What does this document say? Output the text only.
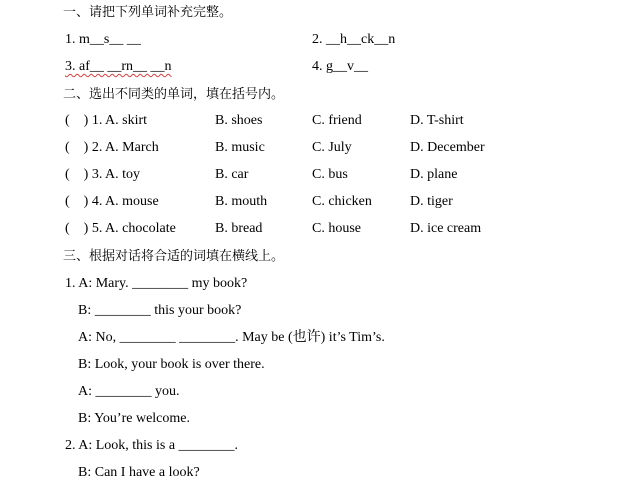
一、请把下列单词补充完整。
1. m__s__ __	2. __h__ck__n
3. af__ __rn__ __n	4. g__v__
二、选出不同类的单词，填在括号内。
(    ) 1. A. skirt	B. shoes	C. friend	D. T-shirt
(    ) 2. A. March	B. music	C. July	D. December
(    ) 3. A. toy	B. car	C. bus	D. plane
(    ) 4. A. mouse	B. mouth	C. chicken	D. tiger
(    ) 5. A. chocolate	B. bread	C. house	D. ice cream
三、根据对话将合适的词填在横线上。
1. A: Mary. ________ my book?
B: ________ this your book?
A: No, ________ ________. May be (也许) it’s Tim’s.
B: Look, your book is over there.
A: ________ you.
B: You’re welcome.
2. A: Look, this is a ________.
B: Can I have a look?
